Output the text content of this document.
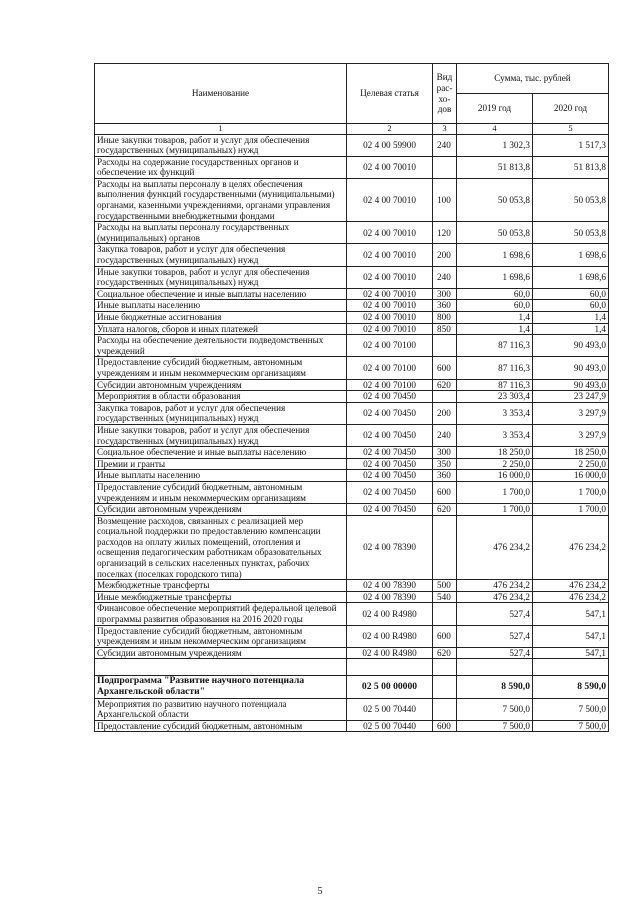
Наименование	Целевая статья	Вид рас-хо-дов	Сумма, тыс. рублей	
			2019 год	2020 год
1	2	3	4	5
Иные закупки товаров, работ и услуг для обеспечения государственных (муниципальных) нужд	02 4 00 59900	240	1 302,3	1 517,3
Расходы на содержание государственных органов и обеспечение их функций	02 4 00 70010		51 813,8	51 813,8
Расходы на выплаты персоналу в целях обеспечения выполнения функций государственными (муниципальными) органами, казенными учреждениями, органами управления государственными внебюджетными фондами	02 4 00 70010	100	50 053,8	50 053,8
Расходы на выплаты персоналу государственных (муниципальных) органов	02 4 00 70010	120	50 053,8	50 053,8
Закупка товаров, работ и услуг для обеспечения государственных (муниципальных) нужд	02 4 00 70010	200	1 698,6	1 698,6
Иные закупки товаров, работ и услуг для обеспечения государственных (муниципальных) нужд	02 4 00 70010	240	1 698,6	1 698,6
Социальное обеспечение и иные выплаты населению	02 4 00 70010	300	60,0	60,0
Иные выплаты населению	02 4 00 70010	360	60,0	60,0
Иные бюджетные ассигнования	02 4 00 70010	800	1,4	1,4
Уплата налогов, сборов и иных платежей	02 4 00 70010	850	1,4	1,4
Расходы на обеспечение деятельности подведомственных учреждений	02 4 00 70100		87 116,3	90 493,0
Предоставление субсидий бюджетным, автономным учреждениям и иным некоммерческим организациям	02 4 00 70100	600	87 116,3	90 493,0
Субсидии автономным учреждениям	02 4 00 70100	620	87 116,3	90 493,0
Мероприятия в области образования	02 4 00 70450		23 303,4	23 247,9
Закупка товаров, работ и услуг для обеспечения государственных (муниципальных) нужд	02 4 00 70450	200	3 353,4	3 297,9
Иные закупки товаров, работ и услуг для обеспечения государственных (муниципальных) нужд	02 4 00 70450	240	3 353,4	3 297,9
Социальное обеспечение и иные выплаты населению	02 4 00 70450	300	18 250,0	18 250,0
Премии и гранты	02 4 00 70450	350	2 250,0	2 250,0
Иные выплаты населению	02 4 00 70450	360	16 000,0	16 000,0
Предоставление субсидий бюджетным, автономным учреждениям и иным некоммерческим организациям	02 4 00 70450	600	1 700,0	1 700,0
Субсидии автономным учреждениям	02 4 00 70450	620	1 700,0	1 700,0
Возмещение расходов, связанных с реализацией мер социальной поддержки по предоставлению компенсации расходов на оплату жилых помещений, отопления и освещения педагогическим работникам образовательных организаций в сельских населенных пунктах, рабочих поселках (поселках городского типа)	02 4 00 78390		476 234,2	476 234,2
Межбюджетные трансферты	02 4 00 78390	500	476 234,2	476 234,2
Иные межбюджетные трансферты	02 4 00 78390	540	476 234,2	476 234,2
Финансовое обеспечение мероприятий федеральной целевой программы развития образования на 2016 2020 годы	02 4 00 R4980		527,4	547,1
Предоставление субсидий бюджетным, автономным учреждениям и иным некоммерческим организациям	02 4 00 R4980	600	527,4	547,1
Субсидии автономным учреждениям	02 4 00 R4980	620	527,4	547,1

Подпрограмма "Развитие научного потенциала Архангельской области"	02 5 00 00000		8 590,0	8 590,0
Мероприятия по развитию научного потенциала Архангельской области	02 5 00 70440		7 500,0	7 500,0
Предоставление субсидий бюджетным, автономным	02 5 00 70440	600	7 500,0	7 500,0
5
